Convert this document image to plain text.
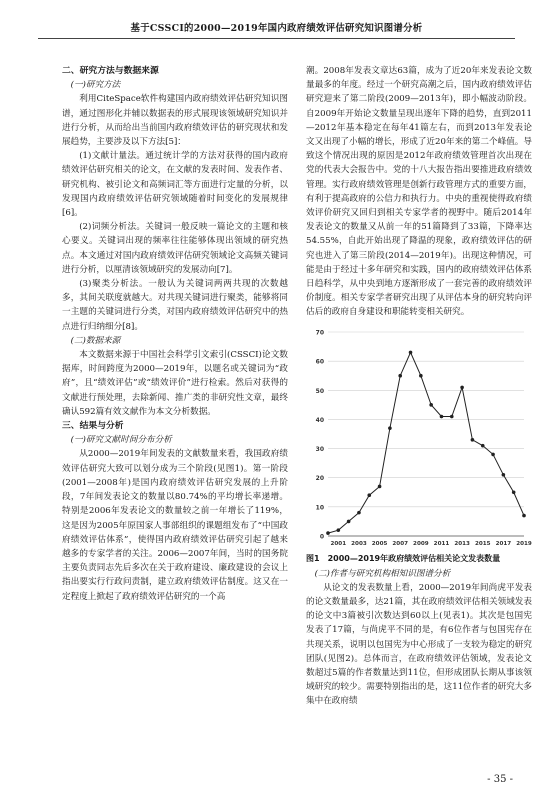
基于CSSCI的2000—2019年国内政府绩效评估研究知识图谱分析
二、研究方法与数据来源
(一)研究方法

利用CiteSpace软件构建国内政府绩效评估研究知识图谱，通过图形化并辅以数据表的形式展现该领域研究知识并进行分析，从而给出当前国内政府绩效评估的研究现状和发展趋势，主要涉及以下方法[5]：

(1)文献计量法。通过统计学的方法对获得的国内政府绩效评估研究相关的论文，在文献的发表时间、发表作者、研究机构、被引论文和高频词汇等方面进行定量的分析，以发现国内政府绩效评估研究领域随着时间变化的发展规律[6]。

(2)词频分析法。关键词一般反映一篇论文的主题和核心要义。关键词出现的频率往往能够体现出领域的研究热点。本文通过对国内政府绩效评估研究领域论文高频关键词进行分析，以厘清该领域研究的发展动向[7]。

(3)聚类分析法。一般认为关键词两两共现的次数越多，其间关联度就越大。对共现关键词进行聚类，能够将同一主题的关键词进行分类，对国内政府绩效评估研究中的热点进行归纳细分[8]。

(二)数据来源

本文数据来源于中国社会科学引文索引(CSSCI)论文数据库，时间跨度为2000—2019年，以题名或关键词为“政府”，且“绩效评估”或“绩效评价”进行检索。然后对获得的文献进行预处理，去除新闻、推广类的非研究性文章，最终确认592篇有效文献作为本文分析数据。

三、结果与分析
(一)研究文献时间分布分析

从2000—2019年间发表的文献数量来看，我国政府绩效评估研究大致可以划分成为三个阶段(见图1)。第一阶段(2001—2008年)是国内政府绩效评估研究发展的上升阶段，7年间发表论文的数量以80.74%的平均增长率递增。特别是2006年发表论文的数量较之前一年增长了119%，这是因为2005年原国家人事部组织的课题组发布了“中国政府绩效评估体系”，使得国内政府绩效评估研究引起了越来越多的专家学者的关注。2006—2007年间，当时的国务院主要负责同志先后多次在关于政府建设、廉政建设的会议上指出要实行行政问责制，建立政府绩效评估制度。这又在一定程度上掀起了政府绩效评估研究的一个高

潮。2008年发表文章达63篇，成为了近20年来发表论文数量最多的年度。经过一个研究高潮之后，国内政府绩效评估研究迎来了第二阶段(2009—2013年)，即小幅波动阶段。自2009年开始论文数量呈现出逐年下降的趋势，直到2011—2012年基本稳定在每年41篇左右，而到2013年发表论文又出现了小幅的增长，形成了近20年来的第二个峰值。导致这个情况出现的原因是2012年政府绩效管理首次出现在党的代表大会报告中。党的十八大报告指出要推进政府绩效管理。实行政府绩效管理是创新行政管理方式的重要方面，有利于提高政府的公信力和执行力。中央的重视使得政府绩效评价研究又回归到相关专家学者的视野中。随后2014年发表论文的数量又从前一年的51篇降到了33篇，下降率达54.55%，自此开始出现了降温的现象，政府绩效评估的研究也进入了第三阶段(2014—2019年)。出现这种情况，可能是由于经过十多年研究和实践，国内的政府绩效评估体系日趋科学，从中央到地方逐渐形成了一套完善的政府绩效评价制度。相关专家学者研究出现了从评估本身的研究转向评估后的政府自身建设和职能转变相关研究。

0
10
20
30
40
50
60
70
2001 2003 2005 2007 2009 2011 2013 2015 2017 2019
图1　2000—2019年政府绩效评估相关论文发表数量
(二)作者与研究机构相知识图谱分析

从论文的发表数量上看，2000—2019年间尚虎平发表的论文数量最多，达21篇，其在政府绩效评估相关领域发表的论文中3篇被引次数达到60以上(见表1)。其次是包国宪发表了17篇，与尚虎平不同的是，有6位作者与包国宪存在共现关系，说明以包国宪为中心形成了一支较为稳定的研究团队(见图2)。总体而言，在政府绩效评估领域，发表论文数超过5篇的作者数量达到11位，但形成团队长期从事该领域研究的较少。需要特别指出的是，这11位作者的研究大多集中在政府绩

- 35 -
